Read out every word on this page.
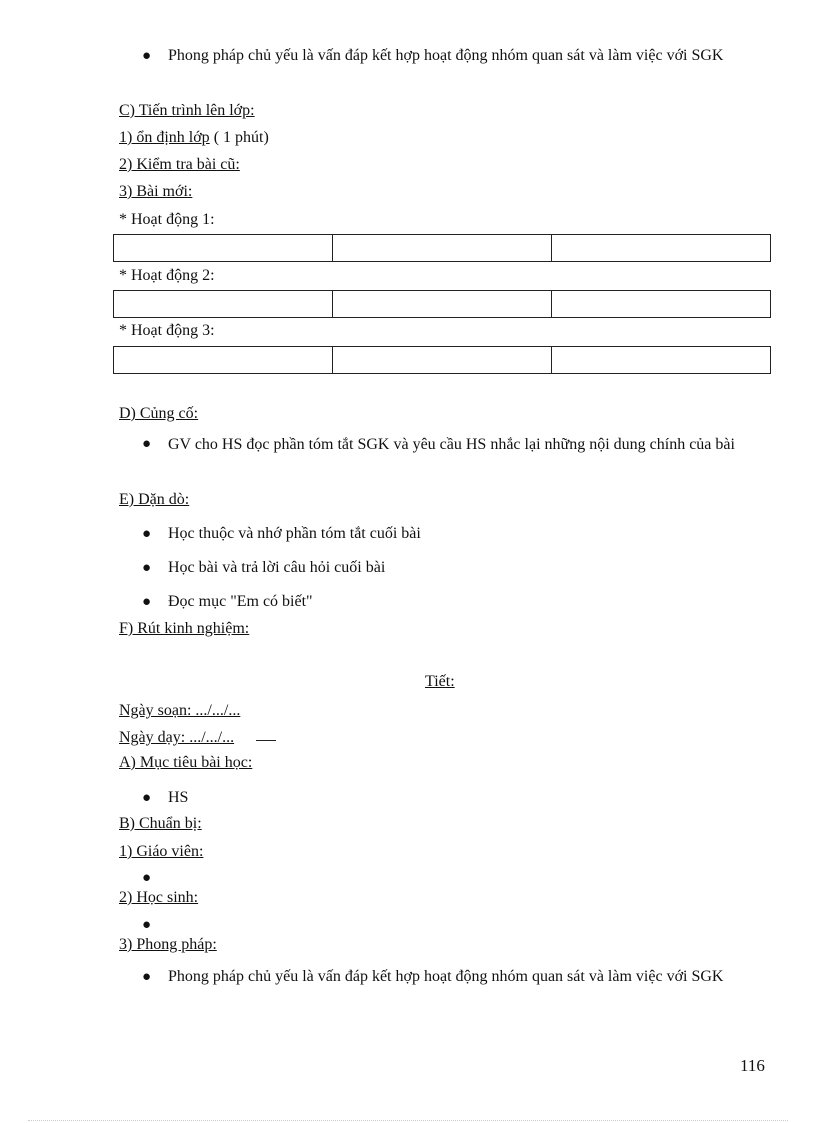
● Phong pháp chủ yếu là vấn đáp kết hợp hoạt động nhóm quan sát và làm việc với SGK
C) Tiến trình lên lớp:
1) ổn định lớp ( 1 phút)
2) Kiểm tra bài cũ:
3) Bài mới:
* Hoạt động 1:

* Hoạt động 2:

* Hoạt động 3:

D) Củng cố:
● GV cho HS đọc phần tóm tắt SGK và yêu cầu HS nhắc lại những nội dung chính của bài
E) Dặn dò:
● Học thuộc và nhớ phần tóm tắt cuối bài
● Học bài và trả lời câu hỏi cuối bài
● Đọc mục "Em có biết"
F) Rút kinh nghiệm:
Tiết:
Ngày soạn: .../.../...
Ngày dạy: .../.../...
A) Mục tiêu bài học:
● HS
B) Chuẩn bị:
1) Giáo viên:
●
2) Học sinh:
●
3) Phong pháp:
● Phong pháp chủ yếu là vấn đáp kết hợp hoạt động nhóm quan sát và làm việc với SGK
116
